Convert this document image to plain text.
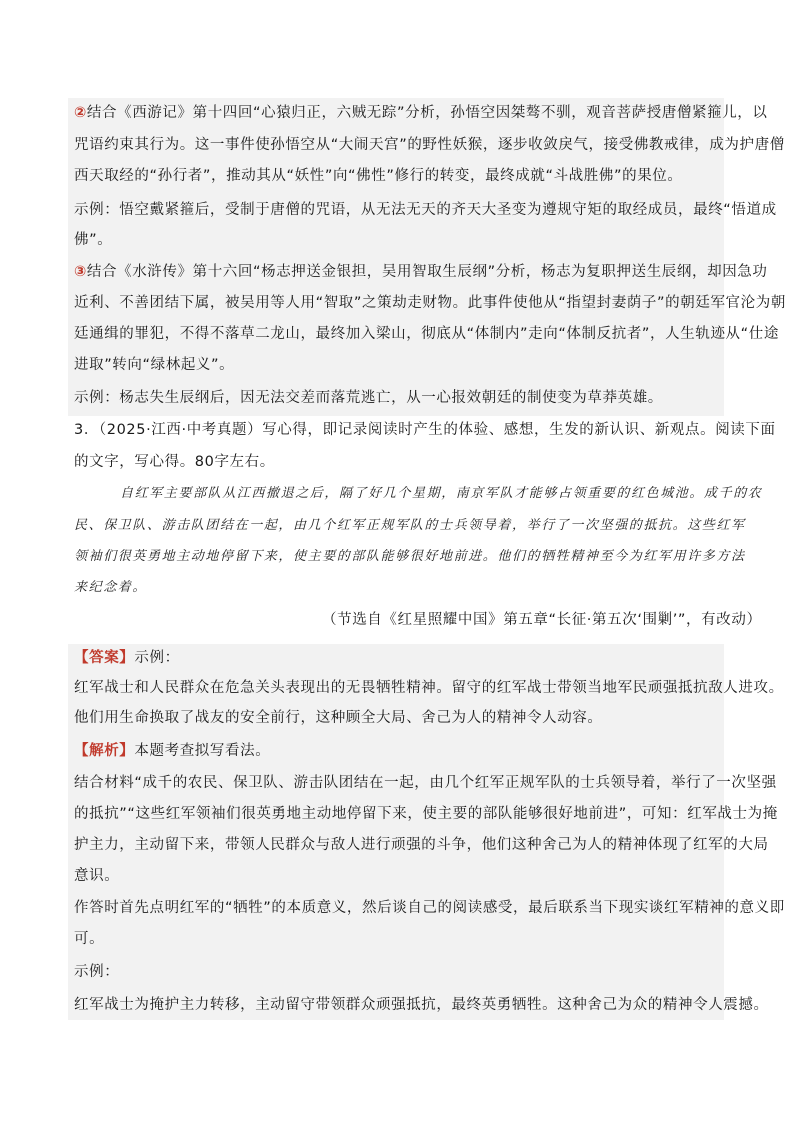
②结合《西游记》第十四回“心猿归正，六贼无踪”分析，孙悟空因桀骜不驯，观音菩萨授唐僧紧箍儿，以
咒语约束其行为。这一事件使孙悟空从“大闹天宫”的野性妖猴，逐步收敛戾气，接受佛教戒律，成为护唐僧
西天取经的“孙行者”，推动其从“妖性”向“佛性”修行的转变，最终成就“斗战胜佛”的果位。
示例：悟空戴紧箍后，受制于唐僧的咒语，从无法无天的齐天大圣变为遵规守矩的取经成员，最终“悟道成
佛”。
③结合《水浒传》第十六回“杨志押送金银担，吴用智取生辰纲”分析，杨志为复职押送生辰纲，却因急功
近利、不善团结下属，被吴用等人用“智取”之策劫走财物。此事件使他从“指望封妻荫子”的朝廷军官沦为朝
廷通缉的罪犯，不得不落草二龙山，最终加入梁山，彻底从“体制内”走向“体制反抗者”，人生轨迹从“仕途
进取”转向“绿林起义”。
示例：杨志失生辰纲后，因无法交差而落荒逃亡，从一心报效朝廷的制使变为草莽英雄。
3．（2025·江西·中考真题）写心得，即记录阅读时产生的体验、感想，生发的新认识、新观点。阅读下面
的文字，写心得。80字左右。
自红军主要部队从江西撤退之后，隔了好几个星期，南京军队才能够占领重要的红色城池。成千的农
民、保卫队、游击队团结在一起，由几个红军正规军队的士兵领导着，举行了一次坚强的抵抗。这些红军
领袖们很英勇地主动地停留下来，使主要的部队能够很好地前进。他们的牺牲精神至今为红军用许多方法
来纪念着。
（节选自《红星照耀中国》第五章“长征·第五次‘围剿’”，有改动）
【答案】示例：
红军战士和人民群众在危急关头表现出的无畏牺牲精神。留守的红军战士带领当地军民顽强抵抗敌人进攻。
他们用生命换取了战友的安全前行，这种顾全大局、舍己为人的精神令人动容。
【解析】本题考查拟写看法。
结合材料“成千的农民、保卫队、游击队团结在一起，由几个红军正规军队的士兵领导着，举行了一次坚强
的抵抗”“这些红军领袖们很英勇地主动地停留下来，使主要的部队能够很好地前进”，可知：红军战士为掩
护主力，主动留下来，带领人民群众与敌人进行顽强的斗争，他们这种舍己为人的精神体现了红军的大局
意识。
作答时首先点明红军的“牺牲”的本质意义，然后谈自己的阅读感受，最后联系当下现实谈红军精神的意义即
可。
示例：
红军战士为掩护主力转移，主动留守带领群众顽强抵抗，最终英勇牺牲。这种舍己为众的精神令人震撼。
